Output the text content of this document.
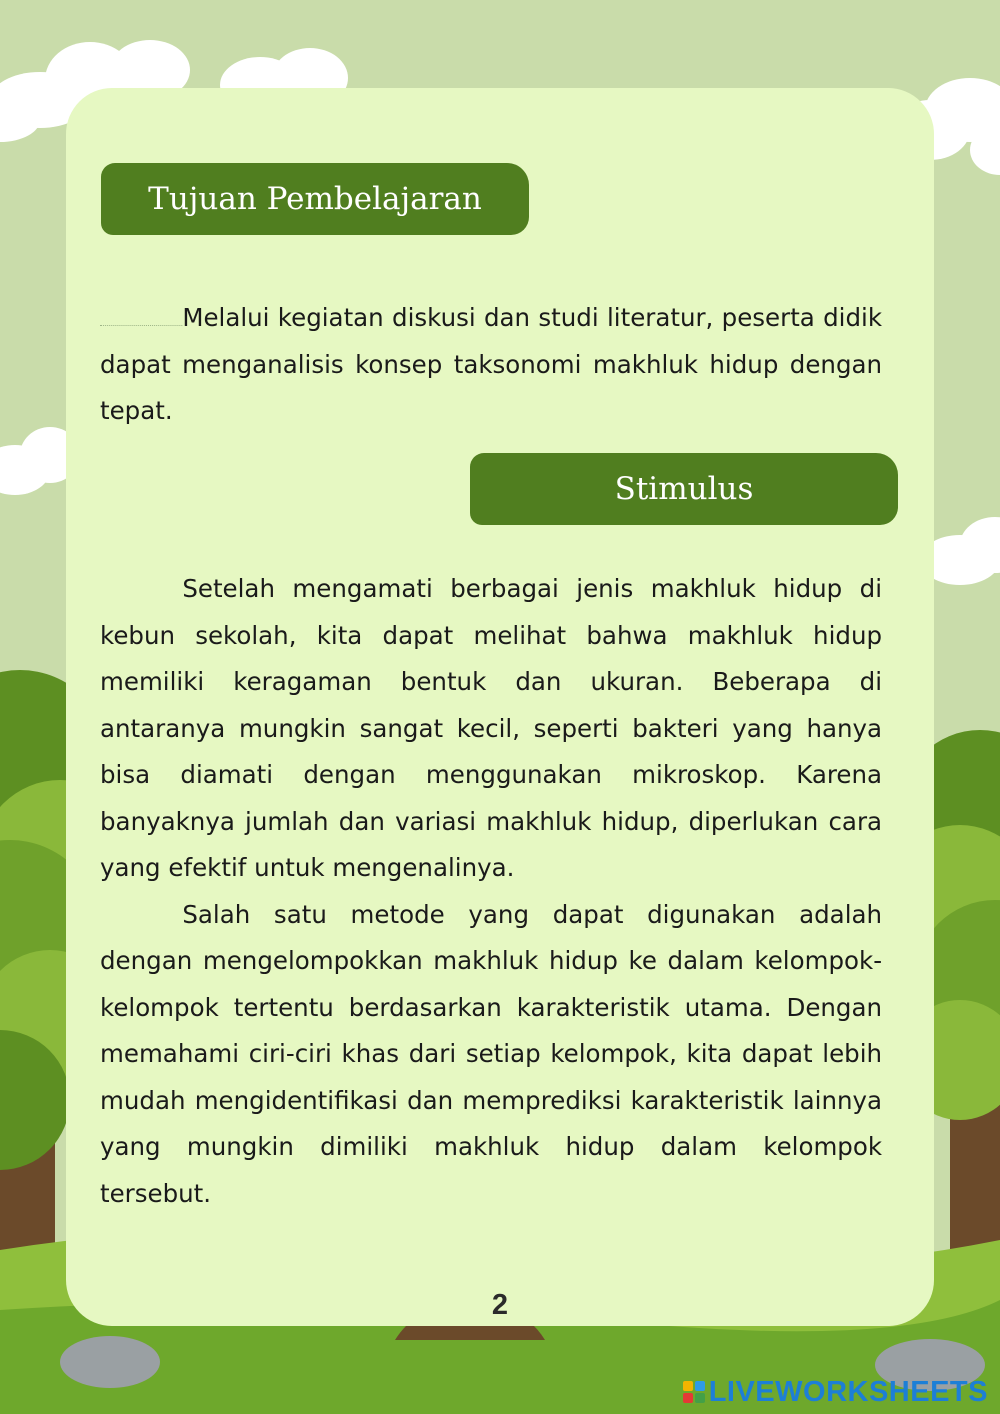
Tujuan Pembelajaran
Melalui kegiatan diskusi dan studi literatur, peserta didik dapat menganalisis konsep taksonomi makhluk hidup dengan tepat.
Stimulus
Setelah mengamati berbagai jenis makhluk hidup di kebun sekolah, kita dapat melihat bahwa makhluk hidup memiliki keragaman bentuk dan ukuran. Beberapa di antaranya mungkin sangat kecil, seperti bakteri yang hanya bisa diamati dengan menggunakan mikroskop. Karena banyaknya jumlah dan variasi makhluk hidup, diperlukan cara yang efektif untuk mengenalinya.
Salah satu metode yang dapat digunakan adalah dengan mengelompokkan makhluk hidup ke dalam kelompok-kelompok tertentu berdasarkan karakteristik utama. Dengan memahami ciri-ciri khas dari setiap kelompok, kita dapat lebih mudah mengidentifikasi dan memprediksi karakteristik lainnya yang mungkin dimiliki makhluk hidup dalam kelompok tersebut.
2
LIVEWORKSHEETS
